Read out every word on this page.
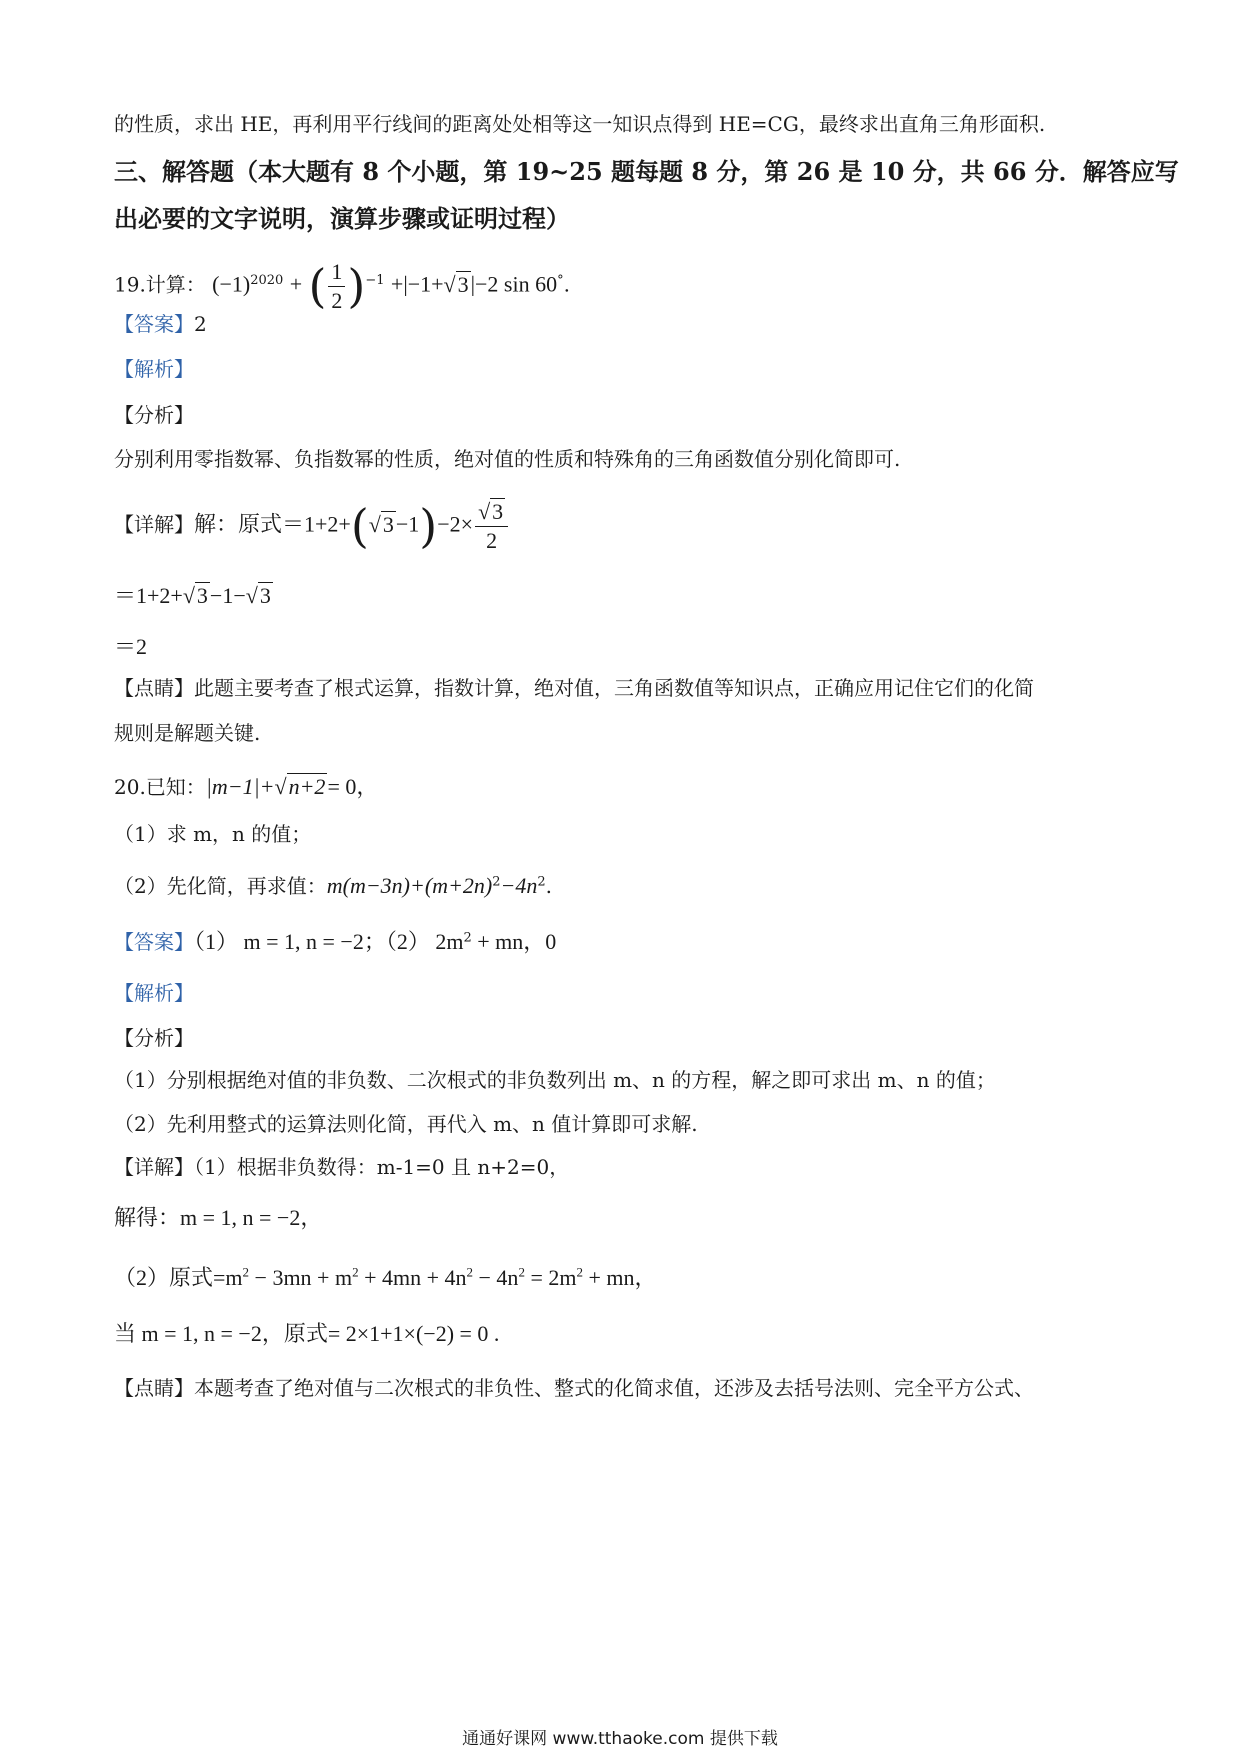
的性质，求出 HE，再利用平行线间的距离处处相等这一知识点得到 HE=CG，最终求出直角三角形面积.
三、解答题（本大题有 8 个小题，第 19~25 题每题 8 分，第 26 是 10 分，共 66 分．解答应写
出必要的文字说明，演算步骤或证明过程）
19.计算： $(-1)^{2020}$ + ( $\frac{1}{2} )^{-1} +|-1+√3|-2$ sin 60°.
【答案】2
【解析】
【分析】
分别利用零指数幂、负指数幂的性质，绝对值的性质和特殊角的三角函数值分别化简即可.
【详解】解：原式$=1+2+(√3-1)-2\times \frac{√3}{2}$
＝1+2+√3−1−√3
＝2
【点睛】此题主要考查了根式运算，指数计算，绝对值，三角函数值等知识点，正确应用记住它们的化简
规则是解题关键.
20.已知：|m−1|+√n+2= 0，
（1）求 m，n 的值；
（2）先化简，再求值：$m(m-3n)+(m+2n)^2-4n^2$.
【答案】（1） m = 1, n = −2；（2） $2m^2$ + mn，0
【解析】
【分析】
（1）分别根据绝对值的非负数、二次根式的非负数列出 m、n 的方程，解之即可求出 m、n 的值；
（2）先利用整式的运算法则化简，再代入 m、n 值计算即可求解.
【详解】（1）根据非负数得：m-1=0 且 n+2=0，
解得：m = 1, n = −2，
（2）原式$=m^2 - 3mn + m^2 + 4mn + 4n^2 - 4n^2 = 2m^2$ + mn，
当 m = 1, n = −2，原式= 2×1+1×(−2) = 0 .
【点睛】本题考查了绝对值与二次根式的非负性、整式的化简求值，还涉及去括号法则、完全平方公式、
通通好课网 www.tthaoke.com 提供下载
